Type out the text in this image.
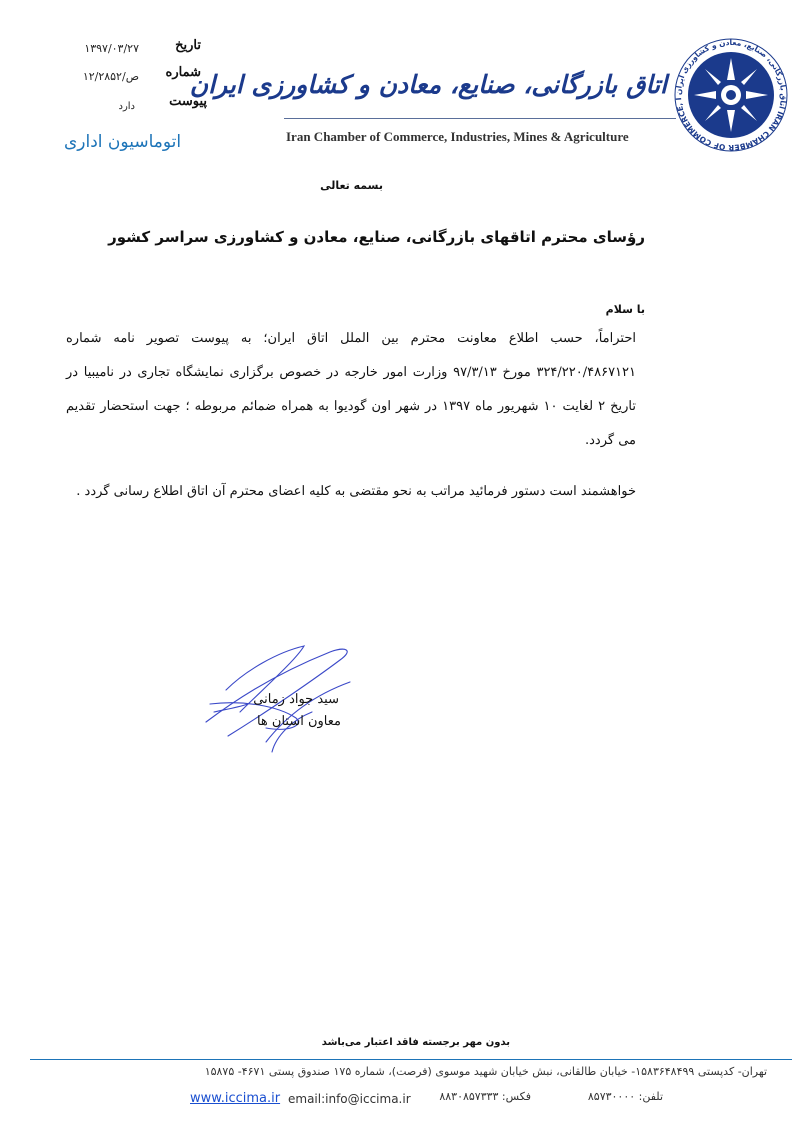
تاریخ
۱۳۹۷/۰۳/۲۷
شماره
۱۲/۲۸۵۲/ص
پیوست
دارد
اتوماسیون اداری
اتاق بازرگانی، صنایع، معادن و کشاورزی ایران
Iran Chamber of Commerce, Industries, Mines & Agriculture
اتاق بازرگانی، صنایع، معادن و کشاورزی ایران IRAN CHAMBER OF COMMERCE, I
بسمه تعالی
رؤسای محترم اتاقهای بازرگانی، صنایع، معادن و کشاورزی سراسر کشور
با سلام
احتراماً، حسب اطلاع معاونت محترم بین الملل اتاق ایران؛ به پیوست تصویر نامه شماره ۳۲۴/۲۲۰/۴۸۶۷۱۲۱ مورخ ۹۷/۳/۱۳ وزارت امور خارجه در خصوص برگزاری نمایشگاه تجاری در نامیبیا در تاریخ ۲ لغایت ۱۰ شهریور ماه ۱۳۹۷ در شهر اون گودیوا به همراه ضمائم مربوطه ؛ جهت استحضار تقدیم می گردد.
خواهشمند است دستور فرمائید مراتب به نحو مقتضی به کلیه اعضای محترم آن اتاق اطلاع رسانی گردد .
سید جواد زمانی
معاون استان ها
بدون مهر برجسته فاقد اعتبار می‌باشد
تهران- کدپستی ۱۵۸۳۶۴۸۴۹۹- خیابان طالقانی، نبش خیابان شهید موسوی (فرصت)، شماره ۱۷۵ صندوق پستی ۴۶۷۱- ۱۵۸۷۵
تلفن: ۸۵۷۳۰۰۰۰
فکس: ۸۸۳۰۸۵۷۳۳۳
email:info@iccima.ir
www.iccima.ir
